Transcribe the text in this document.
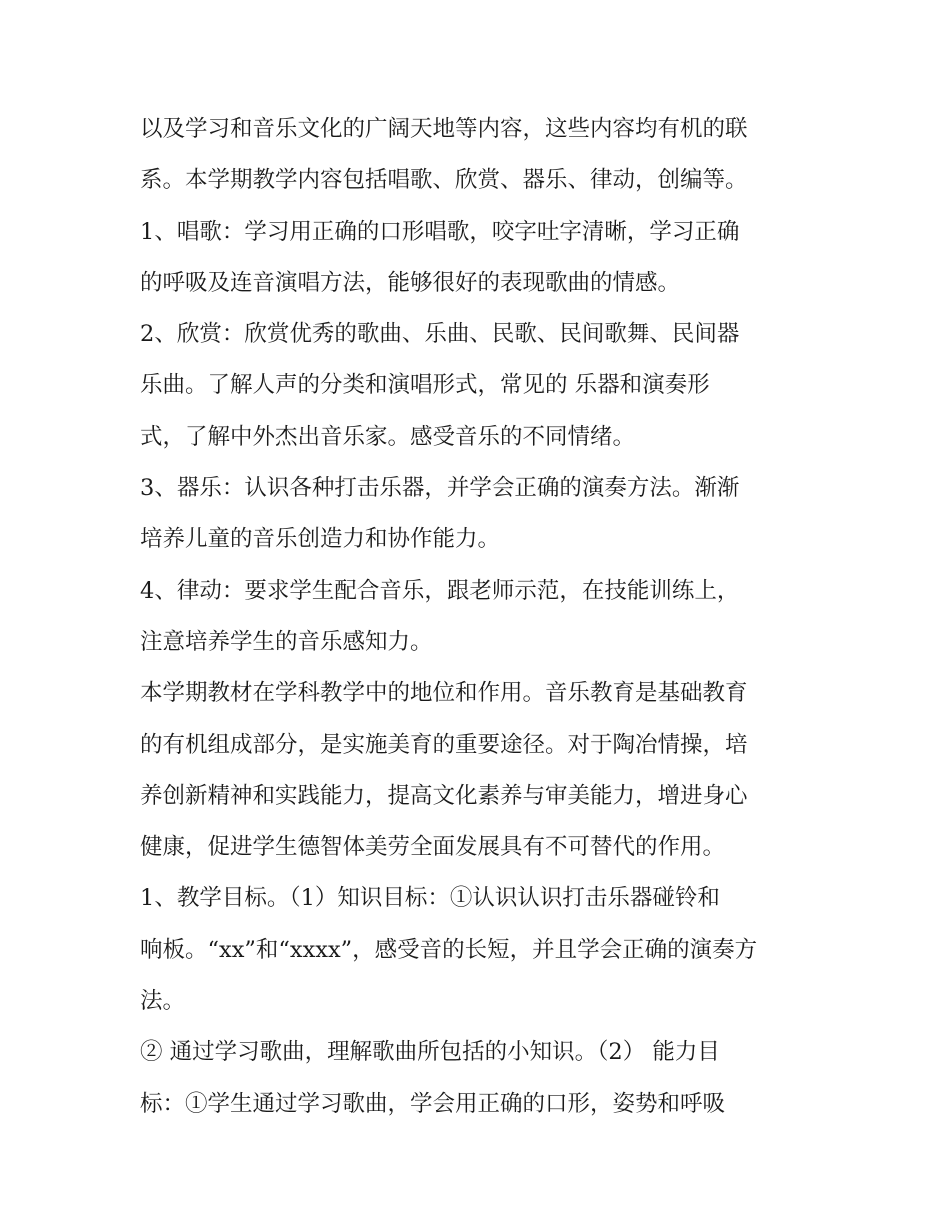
以及学习和音乐文化的广阔天地等内容，这些内容均有机的联
系。本学期教学内容包括唱歌、欣赏、器乐、律动，创编等。
1、唱歌：学习用正确的口形唱歌，咬字吐字清晰，学习正确
的呼吸及连音演唱方法，能够很好的表现歌曲的情感。
2、欣赏：欣赏优秀的歌曲、乐曲、民歌、民间歌舞、民间器
乐曲。了解人声的分类和演唱形式，常见的 乐器和演奏形
式，了解中外杰出音乐家。感受音乐的不同情绪。
3、器乐：认识各种打击乐器，并学会正确的演奏方法。渐渐
培养儿童的音乐创造力和协作能力。
4、律动：要求学生配合音乐，跟老师示范，在技能训练上，
注意培养学生的音乐感知力。
本学期教材在学科教学中的地位和作用。音乐教育是基础教育
的有机组成部分，是实施美育的重要途径。对于陶冶情操，培
养创新精神和实践能力，提高文化素养与审美能力，增进身心
健康，促进学生德智体美劳全面发展具有不可替代的作用。
1、教学目标。（1）知识目标：①认识认识打击乐器碰铃和
响板。“xx”和“xxxx”，感受音的长短，并且学会正确的演奏方
法。
② 通过学习歌曲，理解歌曲所包括的小知识。（2） 能力目
标：①学生通过学习歌曲，学会用正确的口形，姿势和呼吸
